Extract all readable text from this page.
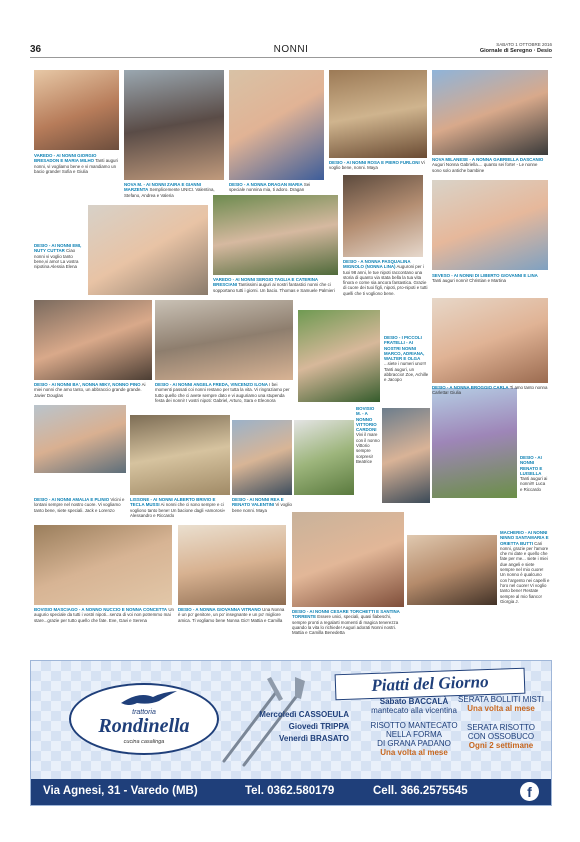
36	NONNI	SABATO 1 OTTOBRE 2016
Giornale di Seregno · Desio
VAREDO - AI NONNI GIORGIO BRESADON E MARIA MILHO Tanti auguri nonni, vi vogliamo bene e vi mandiamo un bacio grande! Sofia e Giulia
NOVA M. - AI NONNI ZAIRA E GIANNI MARZENTA Semplicemente UNICI. Valentina, Stefano, Andrea e Valeria
DESIO - A NONNA DRAGAN MARIA Sei speciale nonnina mia, ti adoro. Dragan
DESIO - AI NONNI ROSA E PIERO FURLONI Vi voglio bene, nonni. Maya
NOVA MILANESE - A NONNA GABRIELLA DASCANIO Auguri Nonna Gabriella.... quanto sei forte! - Le nonne sono solo antiche bambine
DESIO - AI NONNI EMI, NUTY CUTTAR Ciao nonni vi voglio tanto bene,vi amo! La vostra nipotina Alessia Elena
VAREDO - AI NONNI SERGIO TAGLIA E CATERINA BRESCIANI Tantissimi auguri ai nostri fantastici nonni che ci sopportano tutti i giorni. Un bacio. Thomas e Samuele Palmieri
DESIO - A NONNA PASQUALINA MIGNOLO (NONNA LINA) Auguroni per i tuoi 98 anni, le tue nipoti raccontano una storia di quanto via stata bella la tua vita finora e come sia ancora fantastica. Grazie di cuore dei tuoi figli, nipoti, pro-nipoti e tutti quelli che ti vogliono bene.
SEVESO - AI NONNI DI LIBERTO GIOVANNI E LINA Tanti auguri nonni! Christian e Martina
DESIO - AI NONNI BA', NONNA MIKY, NONNO PINO Ai miei nonni che amo tanto, un abbraccio grande grande. Javier Douglas
DESIO - AI NONNI ANGELA FREDA, VINCENZO ILONA I bei momenti passati coi nonni restano per tutta la vita. Vi ringraziamo per tutto quello che ci avete sempre dato e vi auguriamo una stupenda festa dei nonni! I vostri nipoti: Gabriel, Arturo, Sara e Eleonora
DESIO - I PICCOLI FRATELLI - AI NOSTRI NONNI MARCO, ADRIANA, WALTER E OLGA ...siete i numeri uno!!! Tanti auguri, un abbraccio! Zoe, Achille e Jacopo
DESIO - A NONNA BROGGIO CARLA Ti amo tanto nonna Carletta! Giulia
BOVISIO M. - A NONNO VITTORIO CARDONI Vivi il mare con il nonno Vittorio sempre sorpresi! Beatrice
DESIO - AI NONNI AMALIA E PLINIO Vicini e lontani sempre nel nostro cuore. Vi vogliamo tanto bene, siete speciali. Jack e Lorenzo
LISSONE - AI NONNI ALBERTO BRIVIO E TECLA MUSSI Ai nonni che ci sono sempre e ci vogliono tanto bene! Un bacione dagli «amorosi» Alessandro e Riccardo
DESIO - AI NONNI REA E RENATO VALENTINI Vi voglio bene nonni. Maya
DESIO - AI NONNI RENATO E LUISELLA Tanti auguri ai nonni!!! Luca e Riccardo
MACHERIO - AI NONNI NINNO SANTAMARIA E ORIETTA BUTTI Cari nonni, grazie per l'amore che mi date e quello che fate per me... siete i miei due angeli e siete sempre nel mio cuore! Un nonno è qualcuno con l'argento nei capelli e l'oro nel cuore! Vi voglio tanto bene! Restate sempre al mio fianco! Giorgia J.
BOVISIO MASCIAGO - A NONNO NUCCIO E NONNA CONCETTA Un augurio speciale da tutti i vostri nipoti...senza di voi non potremmo mai stare...grazie per tutto quello che fate. Eve, Gavi e Serena
DESIO - A NONNA GIOVANNA VITRANO Una Nonna è un po' genitore, un po' insegnante e un po' migliore amica. Ti vogliamo bene Nonna Gio'! Mattia e Camilla
DESIO - AI NONNI CESARE TORCHETTI E SANTINA TORRENTE Essere unici, speciali, quasi fiabeschi, sempre pronti a regalarti momenti di magica tenerezza quando la vita lo richiede! Auguri adorati Nonni nostri. Mattia e Camilla Benedetta
trattoria
Rondinella
cucina casalinga
Piatti del Giorno
Mercoledì CASSOEULA
Giovedì TRIPPA
Venerdì BRASATO
Sabato BACCALÀ
mantecato alla vicentina
RISOTTO MANTECATO
NELLA FORMA
DI GRANA PADANO
Una volta al mese
SERATA BOLLITI MISTI
Una volta al mese
SERATA RISOTTO
CON OSSOBUCO
Ogni 2 settimane
Via Agnesi, 31 - Varedo (MB)	Tel. 0362.580179	Cell. 366.2575545	f
